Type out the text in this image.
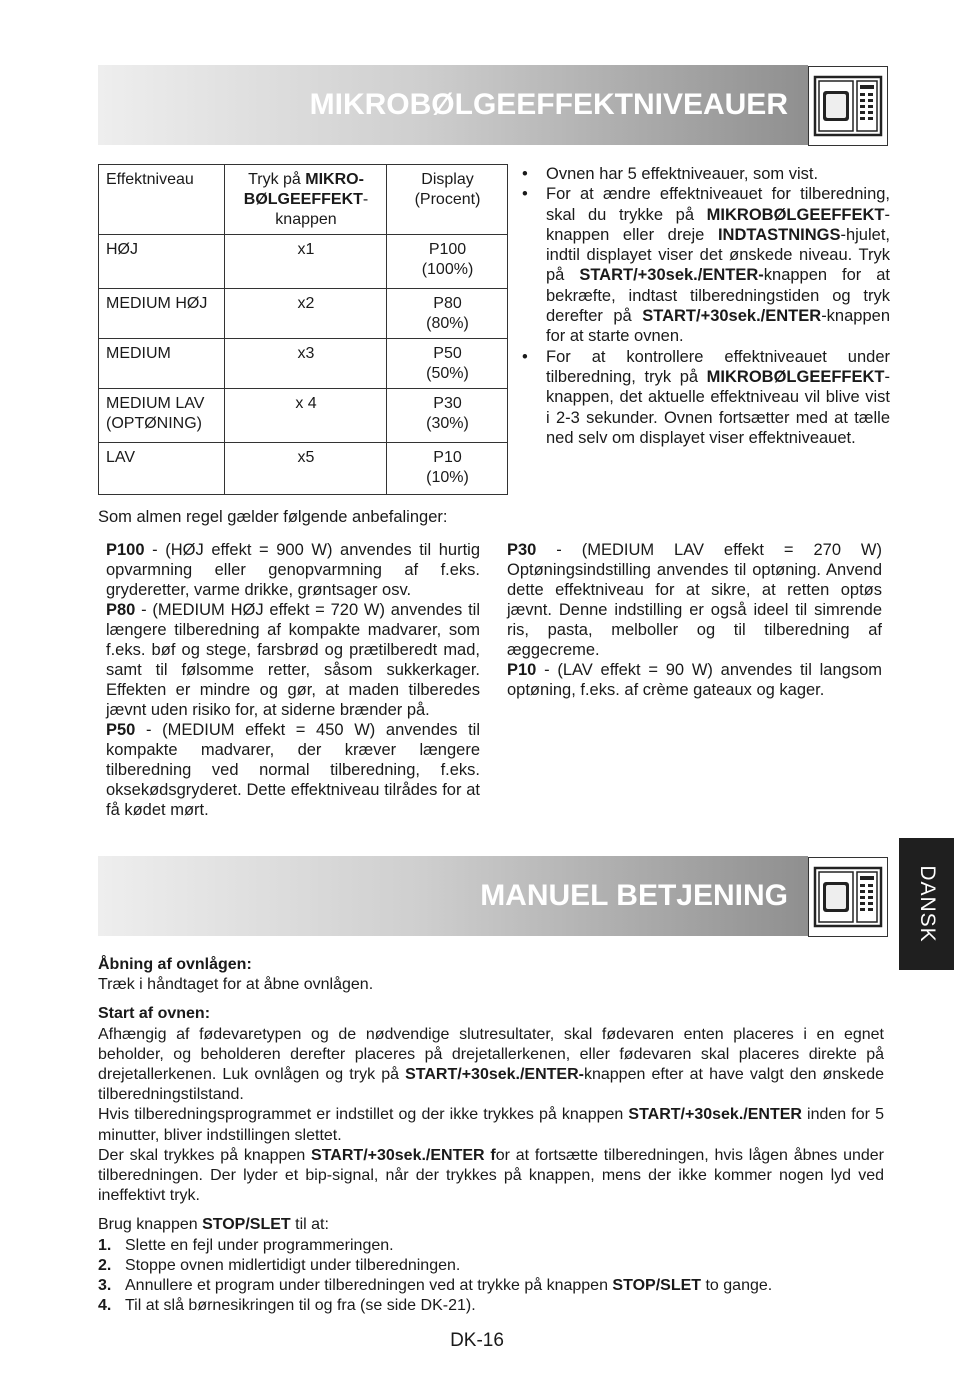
MIKROBØLGEEFFEKTNIVEAUER
Effektniveau	Tryk på MIKRO-BØLGEEFFEKT-knappen	Display (Procent)
HØJ	x1	P100
(100%)
MEDIUM HØJ	x2	P80
(80%)
MEDIUM	x3	P50
(50%)
MEDIUM LAV (OPTØNING)	x 4	P30
(30%)
LAV	x5	P10
(10%)
• Ovnen har 5 effektniveauer, som vist.
• For at ændre effektniveauet for tilberedning, skal du trykke på MIKROBØLGEEFFEKT-knappen eller dreje INDTASTNINGS-hjulet, indtil displayet viser det ønskede niveau. Tryk på START/+30sek./ENTER-knappen for at bekræfte, indtast tilberedningstiden og tryk derefter på START/+30sek./ENTER-knappen for at starte ovnen.
• For at kontrollere effektniveauet under tilberedning, tryk på MIKROBØLGEEFFEKT-knappen, det aktuelle effektniveau vil blive vist i 2-3 sekunder. Ovnen fortsætter med at tælle ned selv om displayet viser effektniveauet.
Som almen regel gælder følgende anbefalinger:
P100 - (HØJ effekt = 900 W) anvendes til hurtig opvarmning eller genopvarmning af f.eks. gryderetter, varme drikke, grøntsager osv.
P80 - (MEDIUM HØJ effekt = 720 W) anvendes til længere tilberedning af kompakte madvarer, som f.eks. bøf og stege, farsbrød og prætilberedt mad, samt til følsomme retter, såsom sukkerkager. Effekten er mindre og gør, at maden tilberedes jævnt uden risiko for, at siderne brænder på.
P50 - (MEDIUM effekt = 450 W) anvendes til kompakte madvarer, der kræver længere tilberedning ved normal tilberedning, f.eks. oksekødsgryderet. Dette effektniveau tilrådes for at få kødet mørt.
P30 - (MEDIUM LAV effekt = 270 W) Optøningsindstilling anvendes til optøning. Anvend dette effektniveau for at sikre, at retten optøs jævnt. Denne indstilling er også ideel til simrende ris, pasta, melboller og til tilberedning af æggecreme.
P10 - (LAV effekt = 90 W) anvendes til langsom optøning, f.eks. af crème gateaux og kager.
MANUEL BETJENING	DANSK
Åbning af ovnlågen:
Træk i håndtaget for at åbne ovnlågen.
Start af ovnen:
Afhængig af fødevaretypen og de nødvendige slutresultater, skal fødevaren enten placeres i en egnet beholder, og beholderen derefter placeres på drejetallerkenen, eller fødevaren skal placeres direkte på drejetallerkenen. Luk ovnlågen og tryk på START/+30sek./ENTER-knappen efter at have valgt den ønskede tilberedningstilstand.
Hvis tilberedningsprogrammet er indstillet og der ikke trykkes på knappen START/+30sek./ENTER inden for 5 minutter, bliver indstillingen slettet.
Der skal trykkes på knappen START/+30sek./ENTER for at fortsætte tilberedningen, hvis lågen åbnes under tilberedningen. Der lyder et bip-signal, når der trykkes på knappen, mens der ikke kommer nogen lyd ved ineffektivt tryk.
Brug knappen STOP/SLET til at:
1. Slette en fejl under programmeringen.
2. Stoppe ovnen midlertidigt under tilberedningen.
3. Annullere et program under tilberedningen ved at trykke på knappen STOP/SLET to gange.
4. Til at slå børnesikringen til og fra (se side DK-21).
DK-16
